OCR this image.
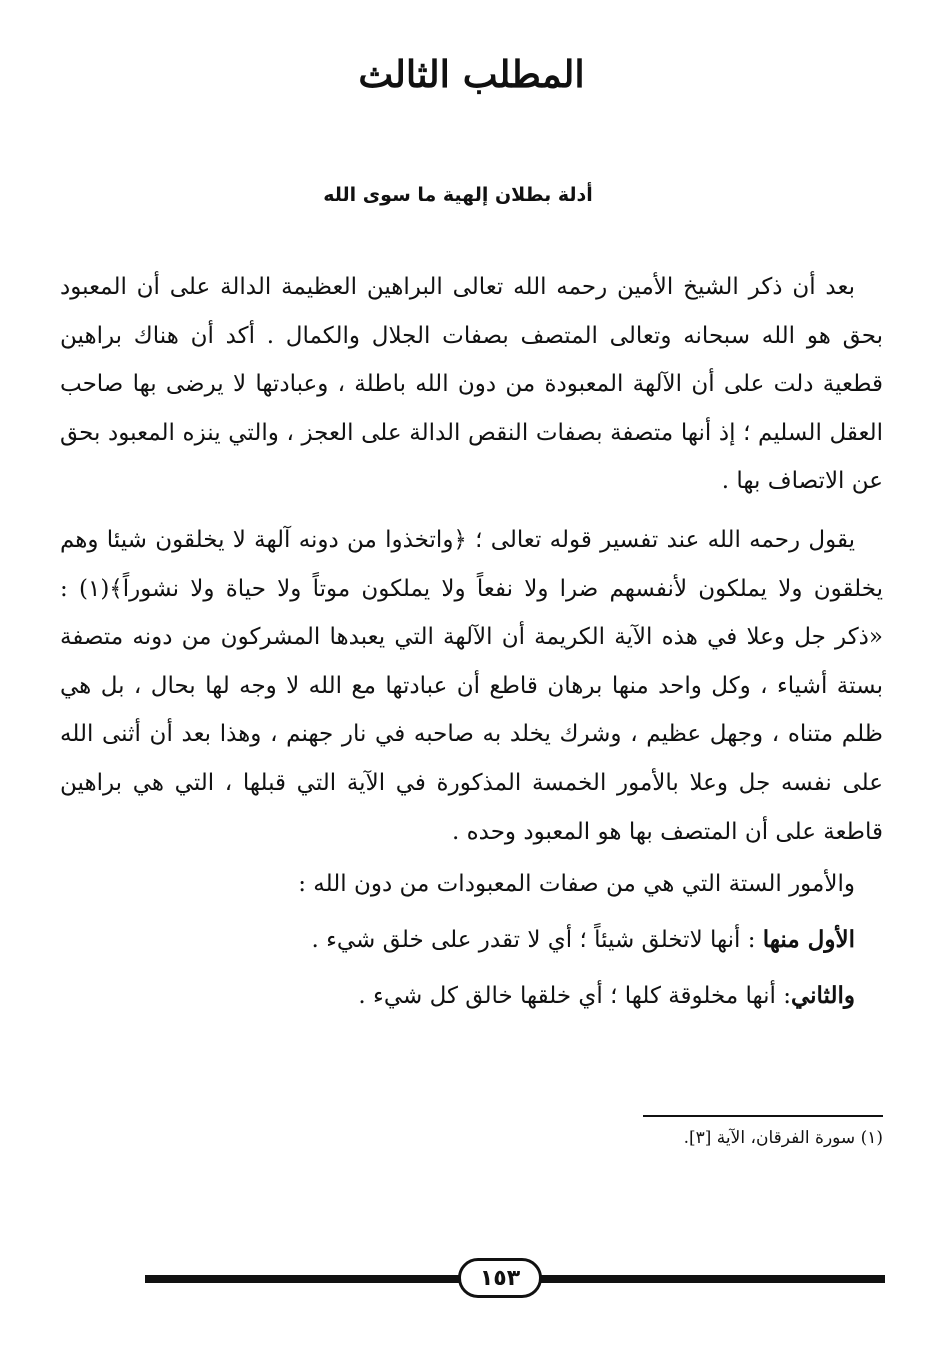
المطلب الثالث
أدلة بطلان إلهية ما سوى الله

بعد أن ذكر الشيخ الأمين رحمه الله تعالى البراهين العظيمة الدالة على أن المعبود بحق هو الله سبحانه وتعالى المتصف بصفات الجلال والكمال . أكد أن هناك براهين قطعية دلت على أن الآلهة المعبودة من دون الله باطلة ، وعبادتها لا يرضى بها صاحب العقل السليم ؛ إذ أنها متصفة بصفات النقص الدالة على العجز ، والتي ينزه المعبود بحق عن الاتصاف بها .

يقول رحمه الله عند تفسير قوله تعالى ؛ ﴿واتخذوا من دونه آلهة لا يخلقون شيئا وهم يخلقون ولا يملكون لأنفسهم ضرا ولا نفعاً ولا يملكون موتاً ولا حياة ولا نشوراً﴾(١) : «ذكر جل وعلا في هذه الآية الكريمة أن الآلهة التي يعبدها المشركون من دونه متصفة بستة أشياء ، وكل واحد منها برهان قاطع أن عبادتها مع الله لا وجه لها بحال ، بل هي ظلم متناه ، وجهل عظيم ، وشرك يخلد به صاحبه في نار جهنم ، وهذا بعد أن أثنى الله على نفسه جل وعلا بالأمور الخمسة المذكورة في الآية التي قبلها ، التي هي براهين قاطعة على أن المتصف بها هو المعبود وحده .

والأمور الستة التي هي من صفات المعبودات من دون الله :

الأول منها : أنها لاتخلق شيئاً ؛ أي لا تقدر على خلق شيء .

والثاني: أنها مخلوقة كلها ؛ أي خلقها خالق كل شيء .

(١) سورة الفرقان، الآية [٣].

١٥٣
